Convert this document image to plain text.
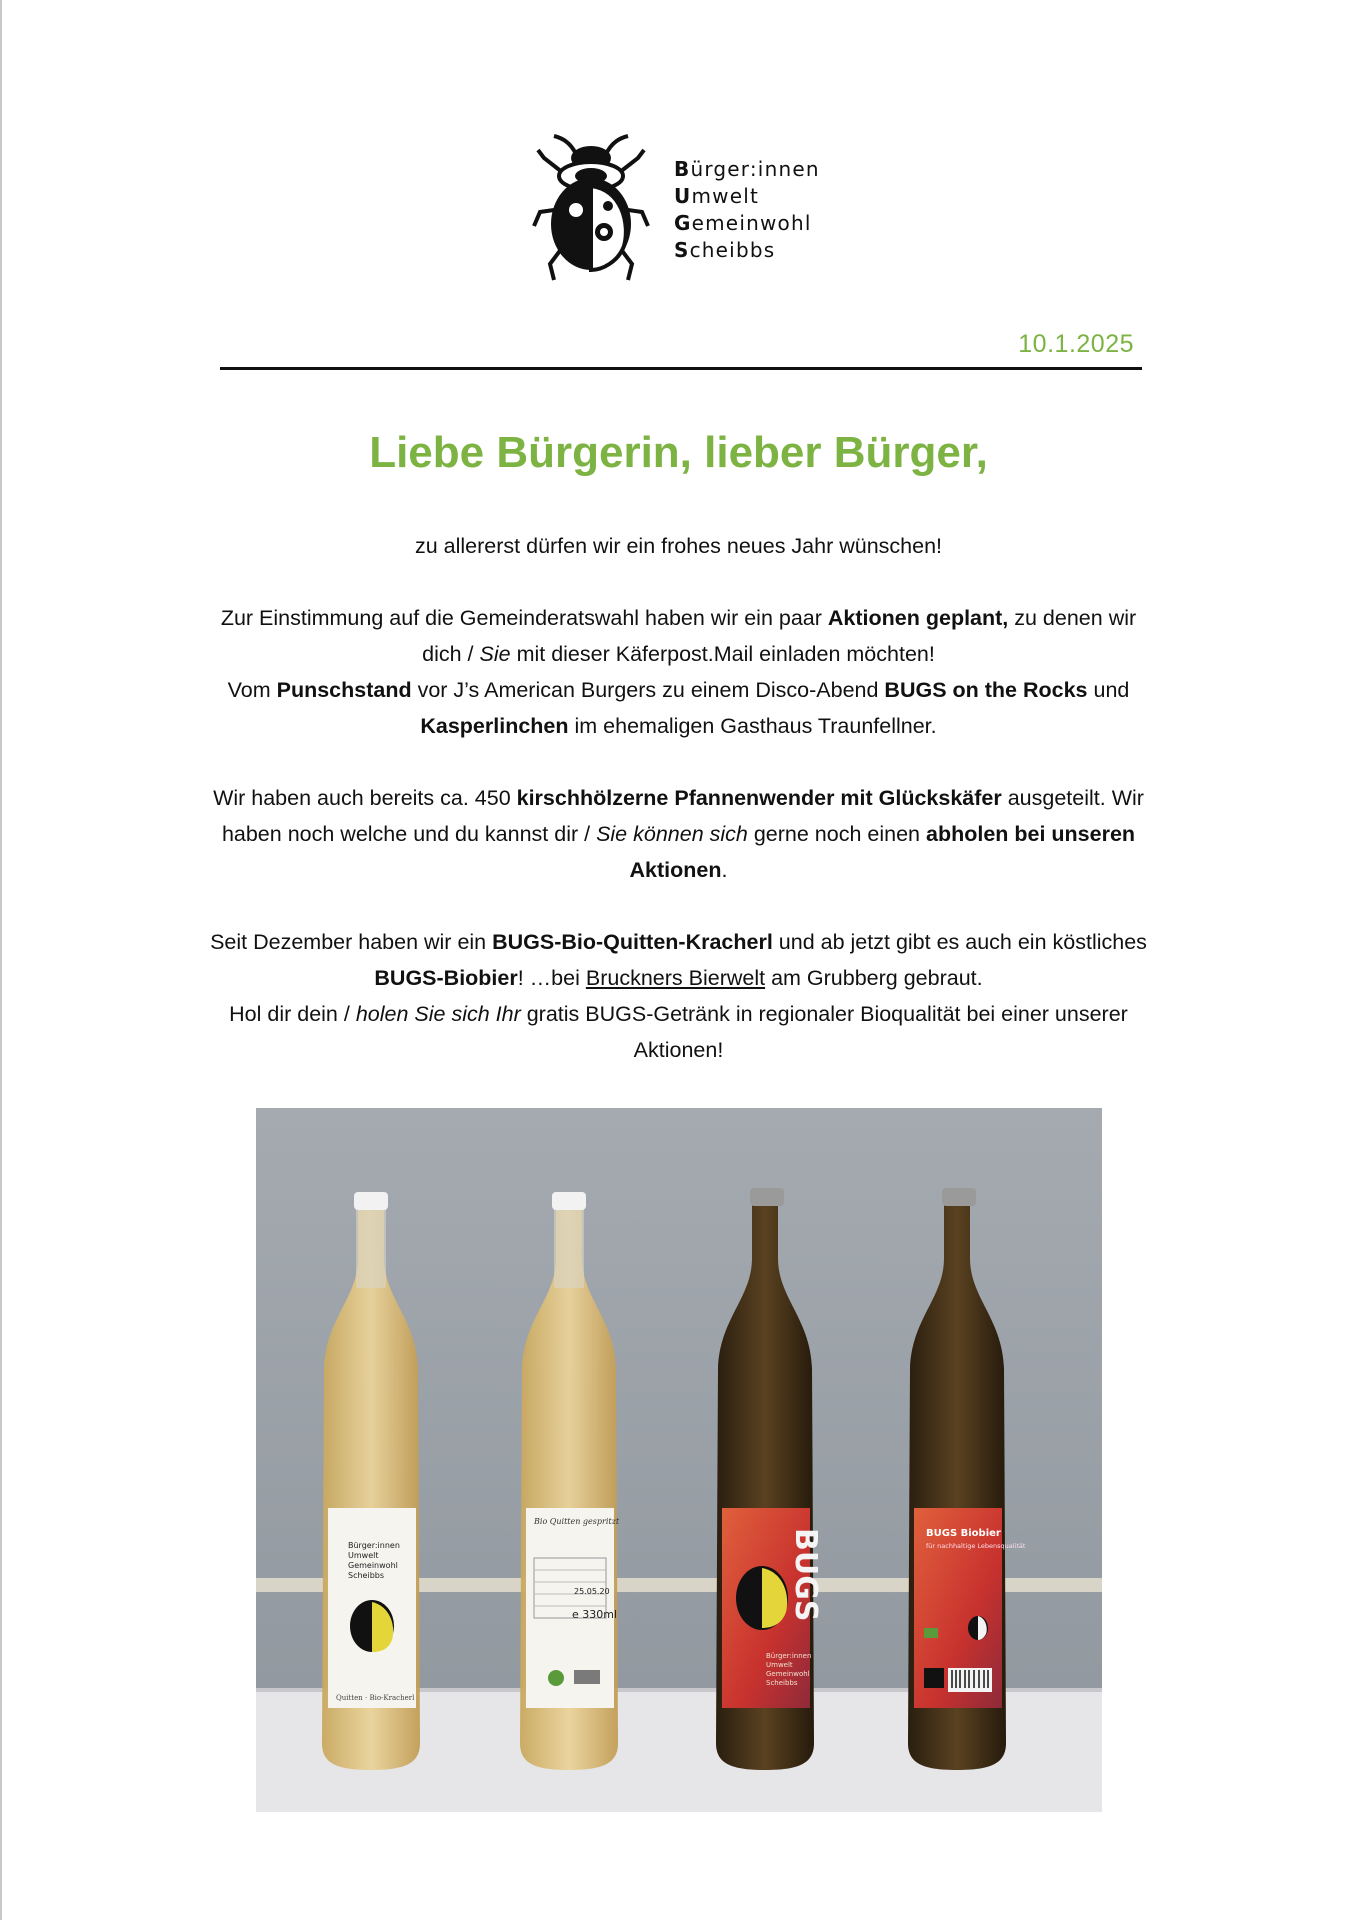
Bürger:innen
Umwelt
Gemeinwohl
Scheibbs
10.1.2025
Liebe Bürgerin, lieber Bürger,

zu allererst dürfen wir ein frohes neues Jahr wünschen!

Zur Einstimmung auf die Gemeinderatswahl haben wir ein paar Aktionen geplant, zu denen wir dich / Sie mit dieser Käferpost.Mail einladen möchten!
Vom Punschstand vor J’s American Burgers zu einem Disco-Abend BUGS on the Rocks und Kasperlinchen im ehemaligen Gasthaus Traunfellner.

Wir haben auch bereits ca. 450 kirschhölzerne Pfannenwender mit Glückskäfer ausgeteilt. Wir haben noch welche und du kannst dir / Sie können sich gerne noch einen abholen bei unseren Aktionen.

Seit Dezember haben wir ein BUGS-Bio-Quitten-Kracherl und ab jetzt gibt es auch ein köstliches BUGS-Biobier! …bei Bruckners Bierwelt am Grubberg gebraut.
Hol dir dein / holen Sie sich Ihr gratis BUGS-Getränk in regionaler Bioqualität bei einer unserer Aktionen!

Bürger:innen
Umwelt
Gemeinwohl
Scheibbs
Quitten · Bio-Kracherl
Bio Quitten gespritzt
25.05.20
e 330ml	BUGS
Bürger:innen
Umwelt
Gemeinwohl
Scheibbs
BUGS Biobier
für nachhaltige Lebensqualität
